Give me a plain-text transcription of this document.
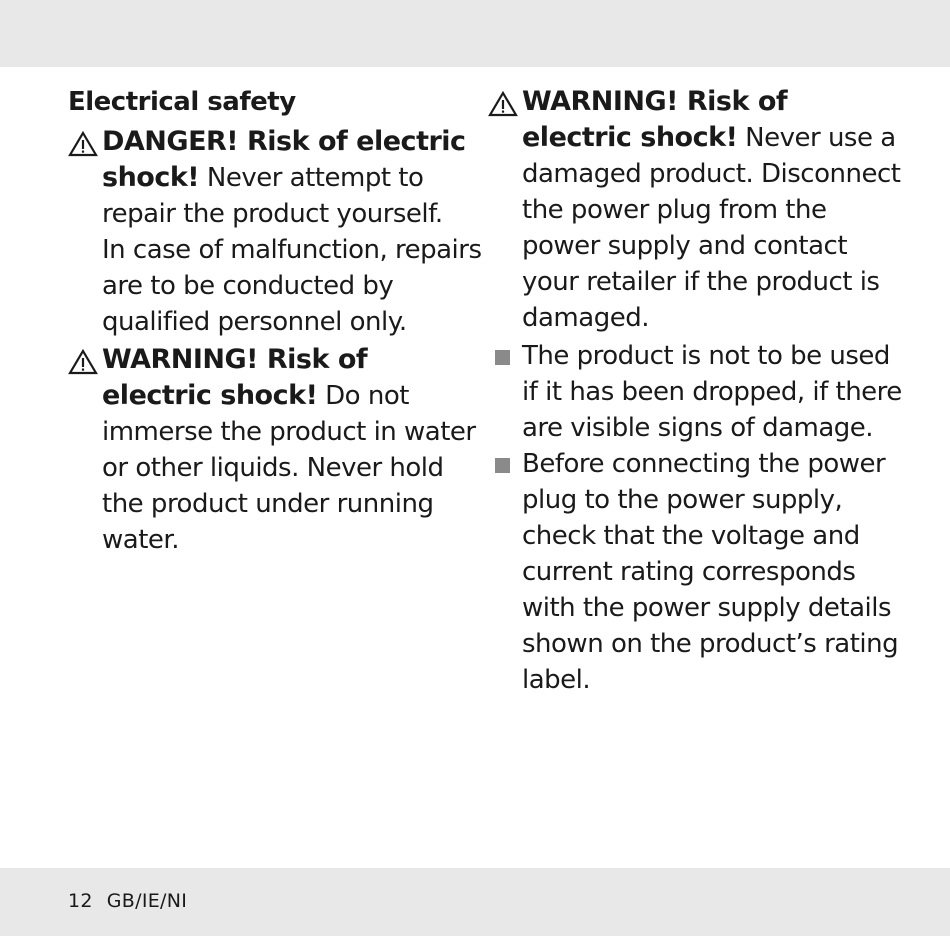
Electrical safety
DANGER! Risk of electric
shock! Never attempt to
repair the product yourself.
In case of malfunction, repairs
are to be conducted by
qualified personnel only.
WARNING! Risk of
electric shock! Do not
immerse the product in water
or other liquids. Never hold
the product under running
water.
WARNING! Risk of
electric shock! Never use a
damaged product. Disconnect
the power plug from the
power supply and contact
your retailer if the product is
damaged.
The product is not to be used
if it has been dropped, if there
are visible signs of damage.
Before connecting the power
plug to the power supply,
check that the voltage and
current rating corresponds
with the power supply details
shown on the product’s rating
label.
12 GB/IE/NI
